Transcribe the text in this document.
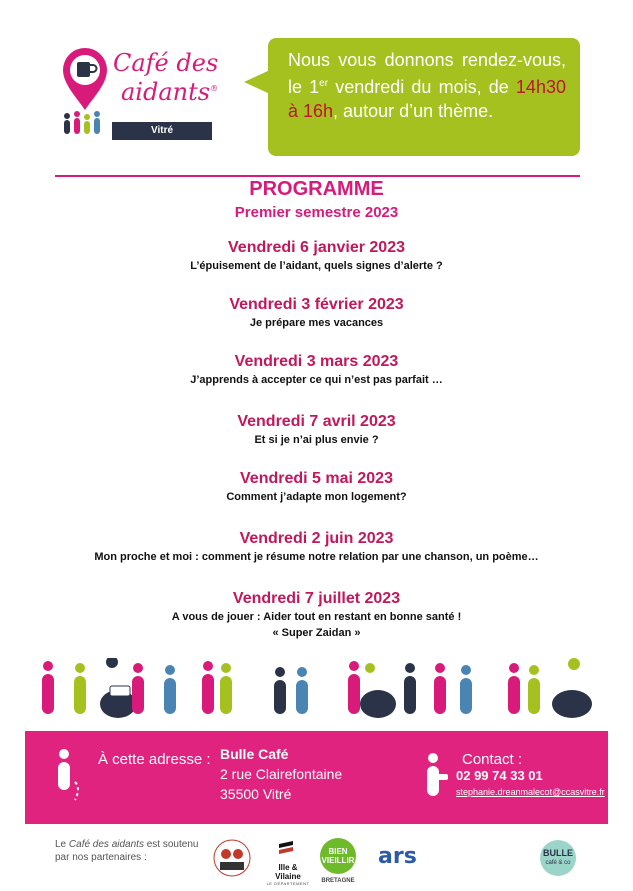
Café des
aidants®
Vitré
Nous vous donnons rendez-vous, le 1er vendredi du mois, de 14h30 à 16h, autour d’un thème.
PROGRAMME
Premier semestre 2023
Vendredi 6 janvier 2023
L’épuisement de l’aidant, quels signes d’alerte ?
Vendredi 3 février 2023
Je prépare mes vacances
Vendredi 3 mars 2023
J’apprends à accepter ce qui n’est pas parfait …
Vendredi 7 avril 2023
Et si je n’ai plus envie ?
Vendredi 5 mai 2023
Comment j’adapte mon logement?
Vendredi 2 juin 2023
Mon proche et moi : comment je résume notre relation par une chanson, un poème…
Vendredi 7 juillet 2023
A vous de jouer : Aider tout en restant en bonne santé !
« Super Zaidan »
À cette adresse : Bulle Café
2 rue Clairefontaine
35500 Vitré
Contact :
02 99 74 33 01
stephanie.dreanmalecot@ccasvitre.fr
Le Café des aidants est soutenu
par nos partenaires :
Ille & Vilaine
LE DÉPARTEMENT
BIEN
VIEILLIR
BRETAGNE
ars	BULLE
café & co
